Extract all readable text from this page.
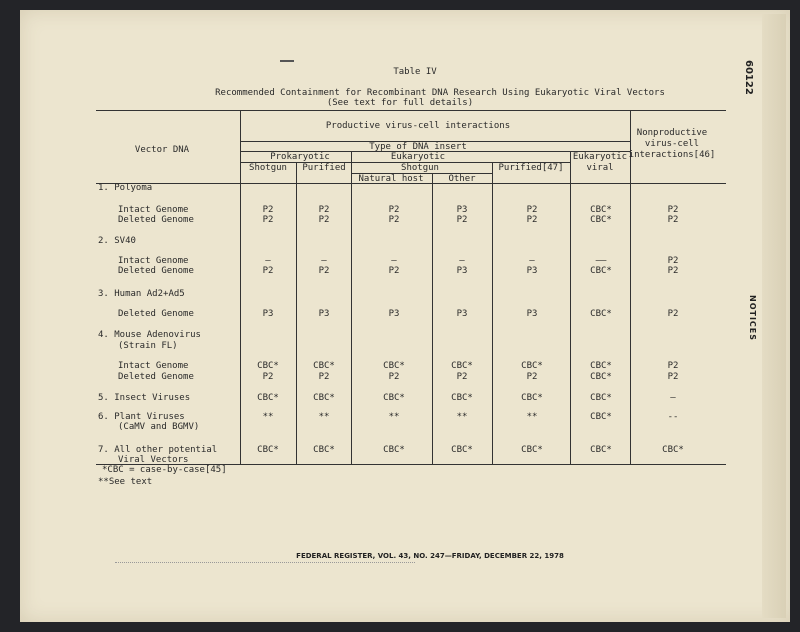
60122
NOTICES
Table IV
Recommended Containment for Recombinant DNA Research Using Eukaryotic Viral Vectors
(See text for full details)
Vector DNA
Productive virus-cell interactions
Type of DNA insert
Prokaryotic	Eukaryotic
Shotgun Purified	Shotgun
Natural host	Other
Purified[47]
Eukaryotic
viral
Nonproductive
virus-cell
interactions[46]
1. Polyoma
Intact Genome	P2	P2	P2	P3	P2	CBC*	P2
Deleted Genome	P2	P2	P2	P2	P2	CBC*	P2
2. SV40
Intact Genome	—	—	—	—	—	——	P2
Deleted Genome	P2	P2	P2	P3	P3	CBC*	P2
3. Human Ad2+Ad5
Deleted Genome	P3	P3	P3	P3	P3	CBC*	P2
4. Mouse Adenovirus
(Strain FL)
Intact Genome	CBC*	CBC*	CBC*	CBC*	CBC*	CBC*	P2
Deleted Genome	P2	P2	P2	P2	P2	CBC*	P2
5. Insect Viruses	CBC*	CBC*	CBC*	CBC*	CBC*	CBC*	—
6. Plant Viruses	**	**	**	**	**	CBC*	--
(CaMV and BGMV)
7. All other potential	CBC*	CBC*	CBC*	CBC*	CBC*	CBC*	CBC*
Viral Vectors
*CBC = case-by-case[45]
**See text
FEDERAL REGISTER, VOL. 43, NO. 247—FRIDAY, DECEMBER 22, 1978
